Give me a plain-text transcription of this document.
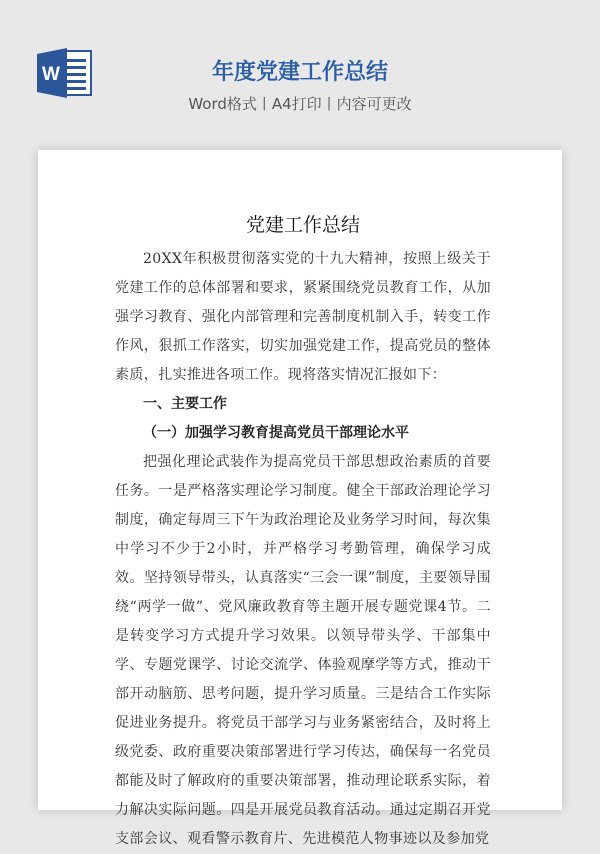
W	年度党建工作总结
Word格式丨A4打印丨内容可更改
党建工作总结

20XX年积极贯彻落实党的十九大精神，按照上级关于党建工作的总体部署和要求，紧紧围绕党员教育工作，从加强学习教育、强化内部管理和完善制度机制入手，转变工作作风，狠抓工作落实，切实加强党建工作，提高党员的整体素质，扎实推进各项工作。现将落实情况汇报如下：

一、主要工作

（一）加强学习教育提高党员干部理论水平

把强化理论武装作为提高党员干部思想政治素质的首要任务。一是严格落实理论学习制度。健全干部政治理论学习制度，确定每周三下午为政治理论及业务学习时间，每次集中学习不少于2小时，并严格学习考勤管理，确保学习成效。坚持领导带头，认真落实“三会一课”制度，主要领导围绕“两学一做”、党风廉政教育等主题开展专题党课4节。二是转变学习方式提升学习效果。以领导带头学、干部集中学、专题党课学、讨论交流学、体验观摩学等方式，推动干部开动脑筋、思考问题，提升学习质量。三是结合工作实际促进业务提升。将党员干部学习与业务紧密结合，及时将上级党委、政府重要决策部署进行学习传达，确保每一名党员都能及时了解政府的重要决策部署，推动理论联系实际，着力解决实际问题。四是开展党员教育活动。通过定期召开党支部会议、观看警示教育片、先进模范人物事迹以及参加党
